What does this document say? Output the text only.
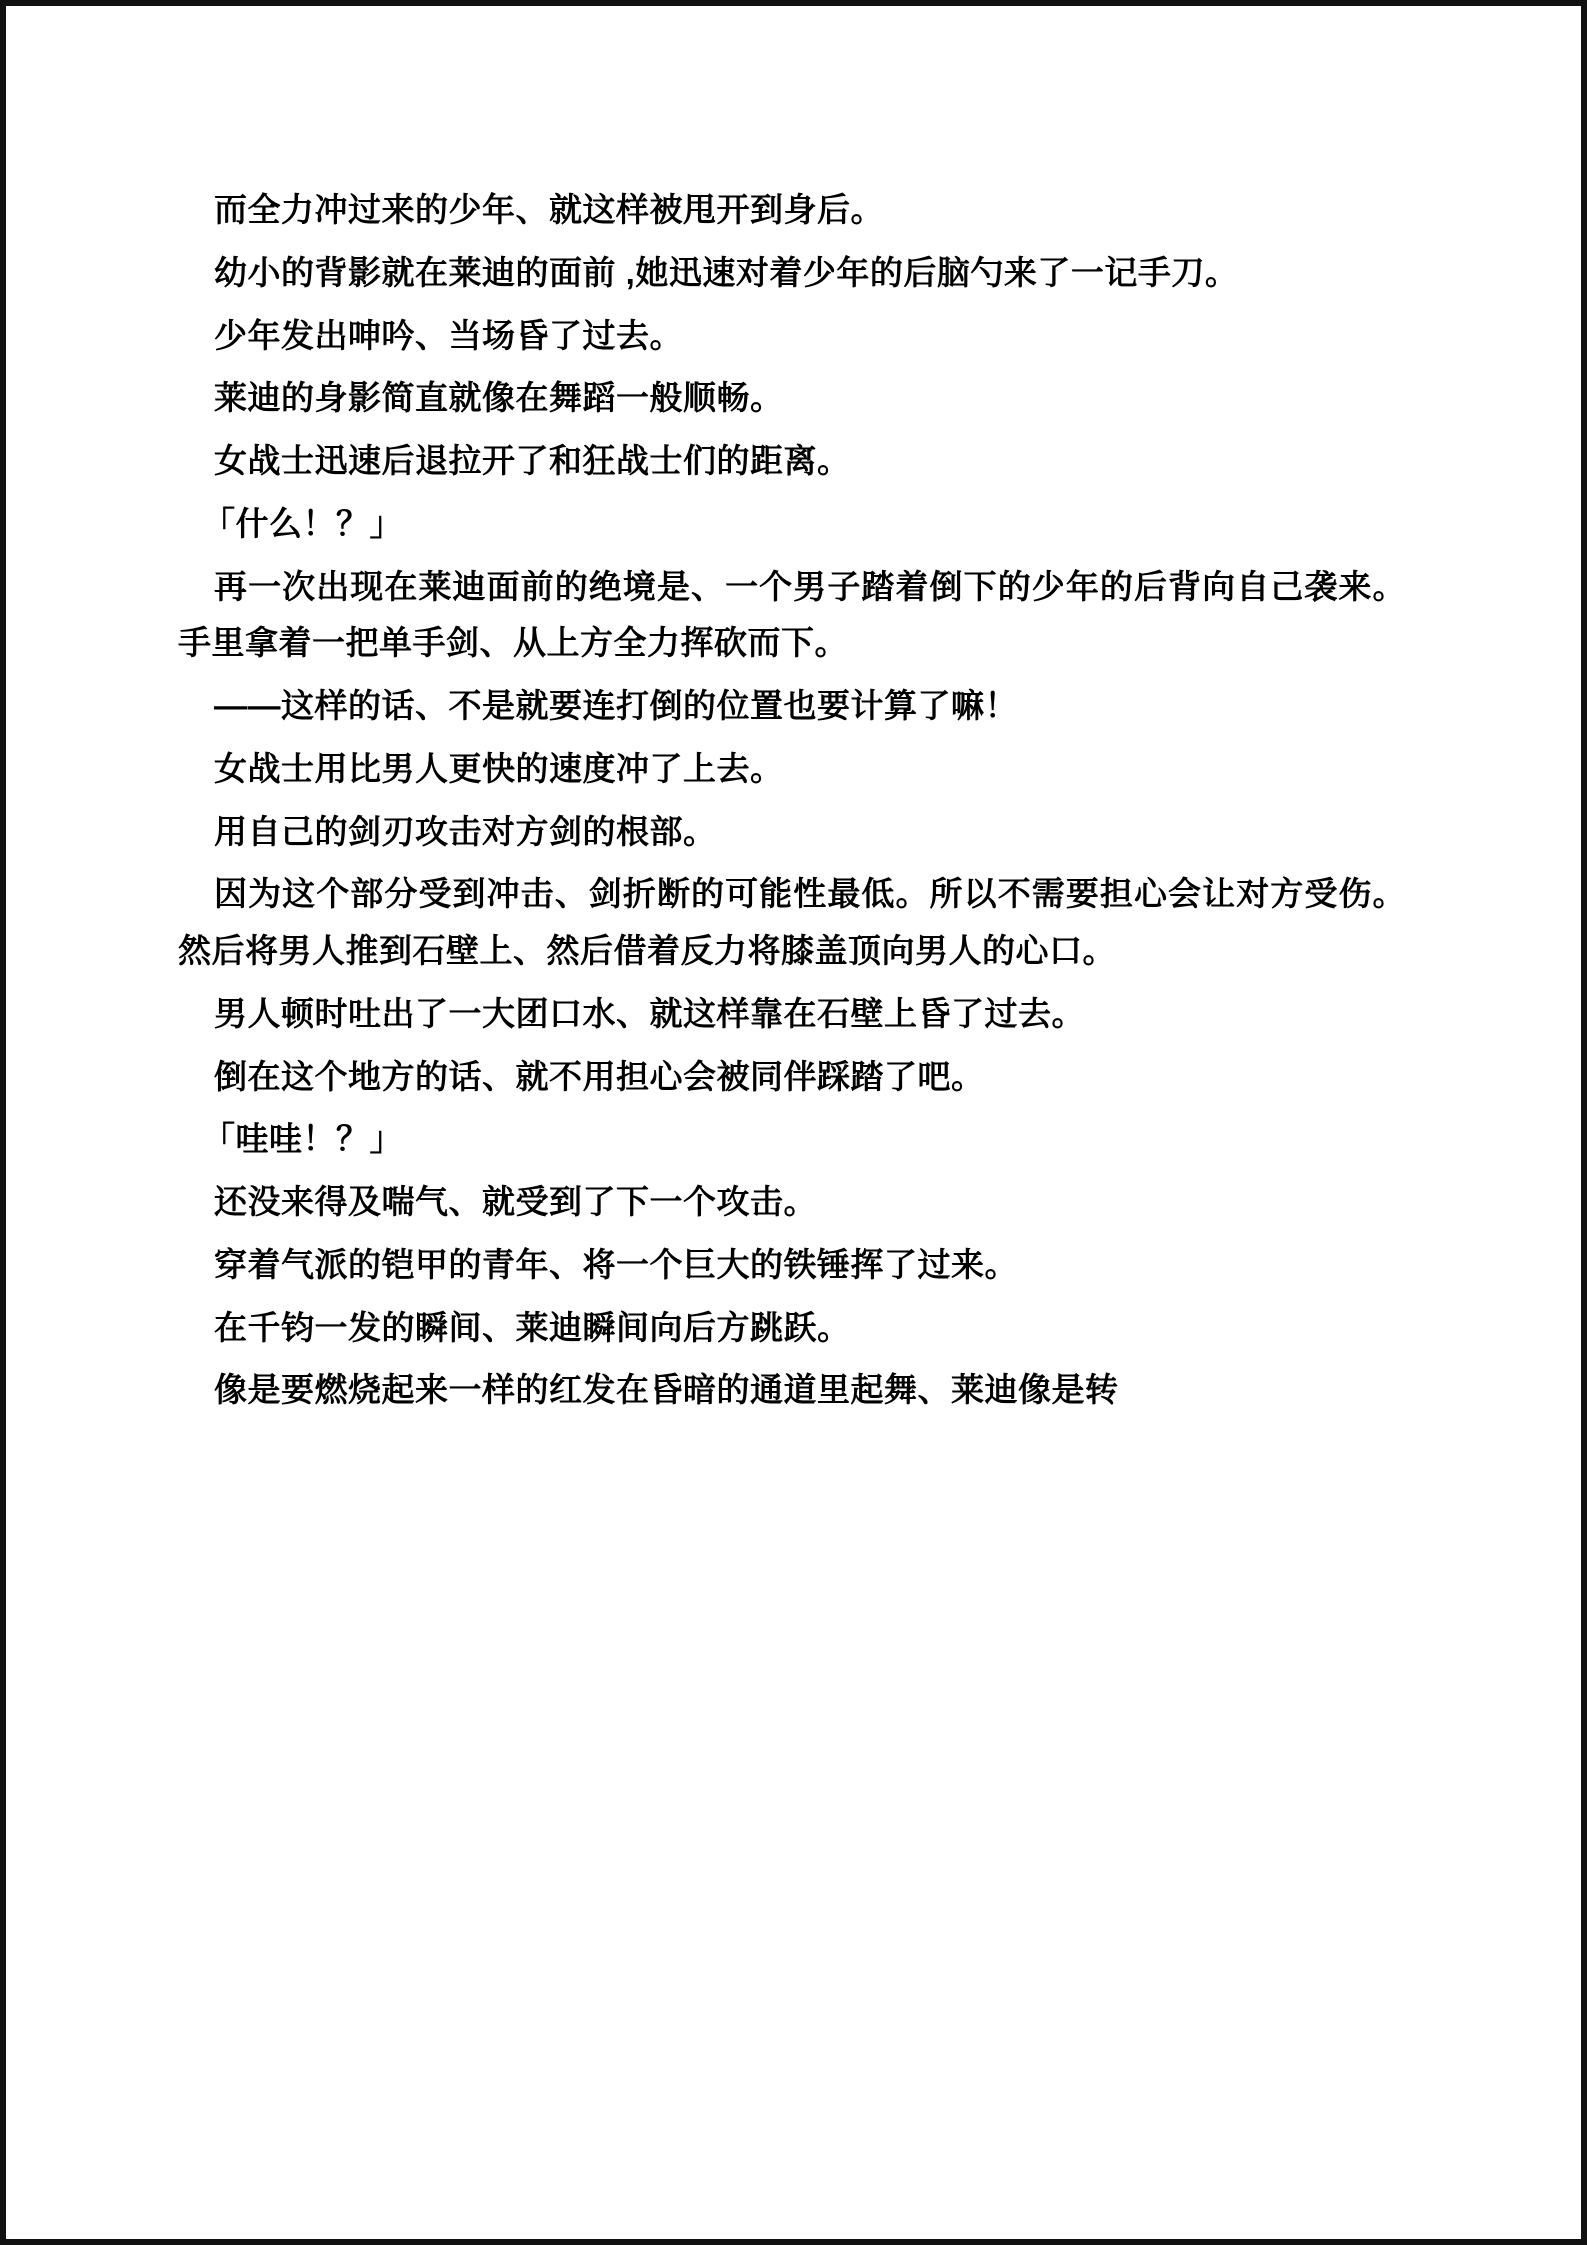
而全力冲过来的少年、就这样被甩开到身后。

幼小的背影就在莱迪的面前 ,她迅速对着少年的后脑勺来了一记手刀。

少年发出呻吟、当场昏了过去。

莱迪的身影简直就像在舞蹈一般顺畅。

女战士迅速后退拉开了和狂战士们的距离。

「什么！？」

再一次出现在莱迪面前的绝境是、一个男子踏着倒下的少年的后背向自己袭来。手里拿着一把单手剑、从上方全力挥砍而下。

——这样的话、不是就要连打倒的位置也要计算了嘛！

女战士用比男人更快的速度冲了上去。

用自己的剑刃攻击对方剑的根部。

因为这个部分受到冲击、剑折断的可能性最低。所以不需要担心会让对方受伤。然后将男人推到石壁上、然后借着反力将膝盖顶向男人的心口。

男人顿时吐出了一大团口水、就这样靠在石壁上昏了过去。

倒在这个地方的话、就不用担心会被同伴踩踏了吧。

「哇哇！？」

还没来得及喘气、就受到了下一个攻击。

穿着气派的铠甲的青年、将一个巨大的铁锤挥了过来。

在千钧一发的瞬间、莱迪瞬间向后方跳跃。

像是要燃烧起来一样的红发在昏暗的通道里起舞、莱迪像是转
